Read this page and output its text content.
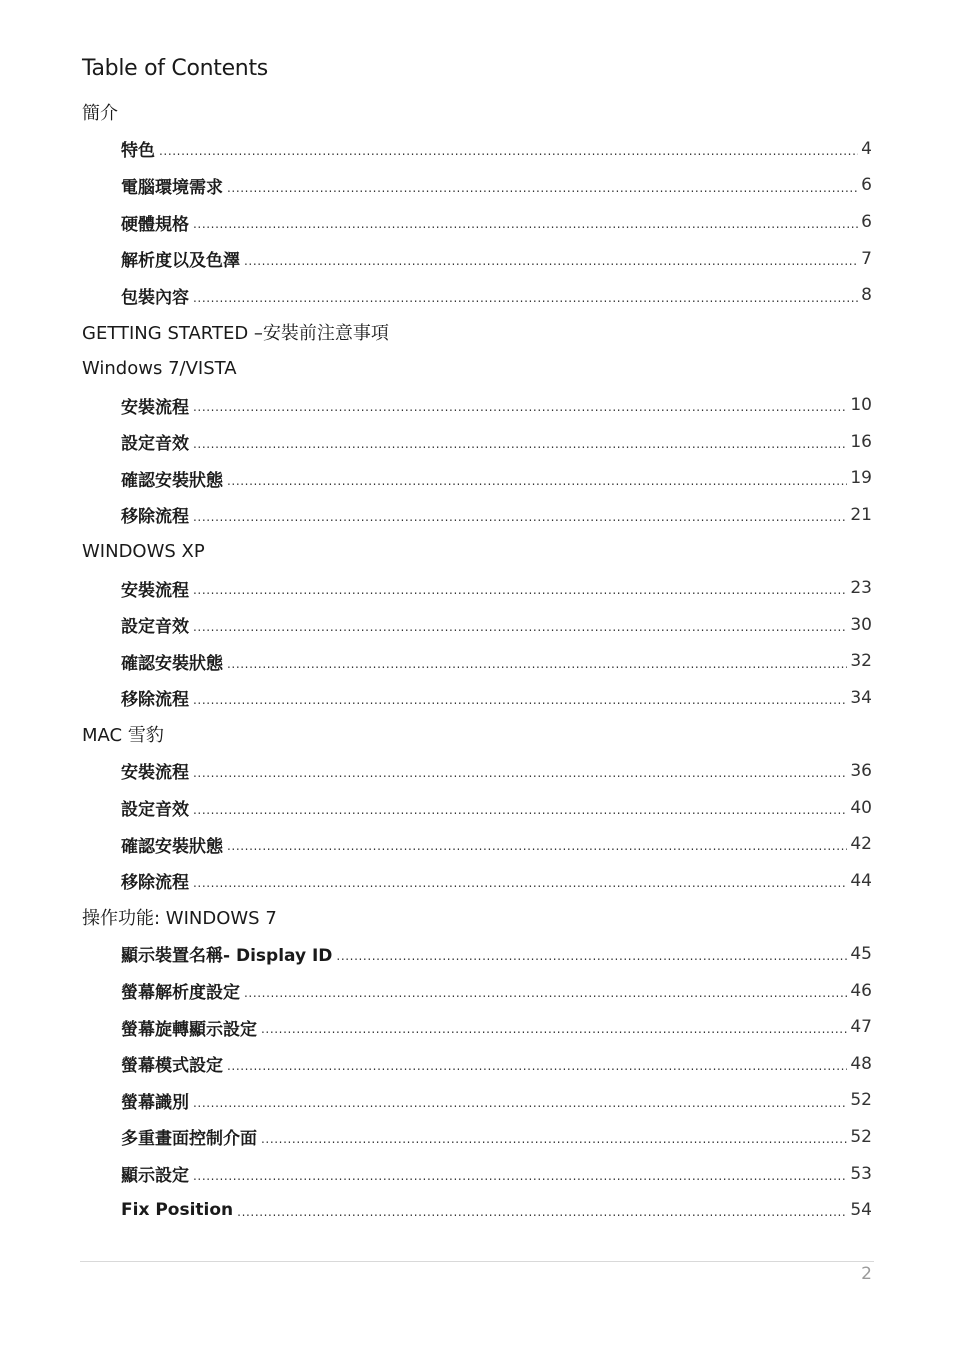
Table of Contents
簡介
特色 .....	4
電腦環境需求 .....	6
硬體規格 .....	6
解析度以及色澤 .....	7
包裝內容 .....	8
GETTING STARTED –安裝前注意事項
Windows 7/VISTA
安裝流程 .....	10
設定音效 .....	16
確認安裝狀態 .....	19
移除流程 .....	21
WINDOWS XP
安裝流程 .....	23
設定音效 .....	30
確認安裝狀態 .....	32
移除流程 .....	34
MAC 雪豹
安裝流程 .....	36
設定音效 .....	40
確認安裝狀態 .....	42
移除流程 .....	44
操作功能: WINDOWS 7
顯示裝置名稱- Display ID .....	45
螢幕解析度設定 .....	46
螢幕旋轉顯示設定 .....	47
螢幕模式設定 .....	48
螢幕識別 .....	52
多重畫面控制介面 .....	52
顯示設定 .....	53
Fix Position .....	54
2
